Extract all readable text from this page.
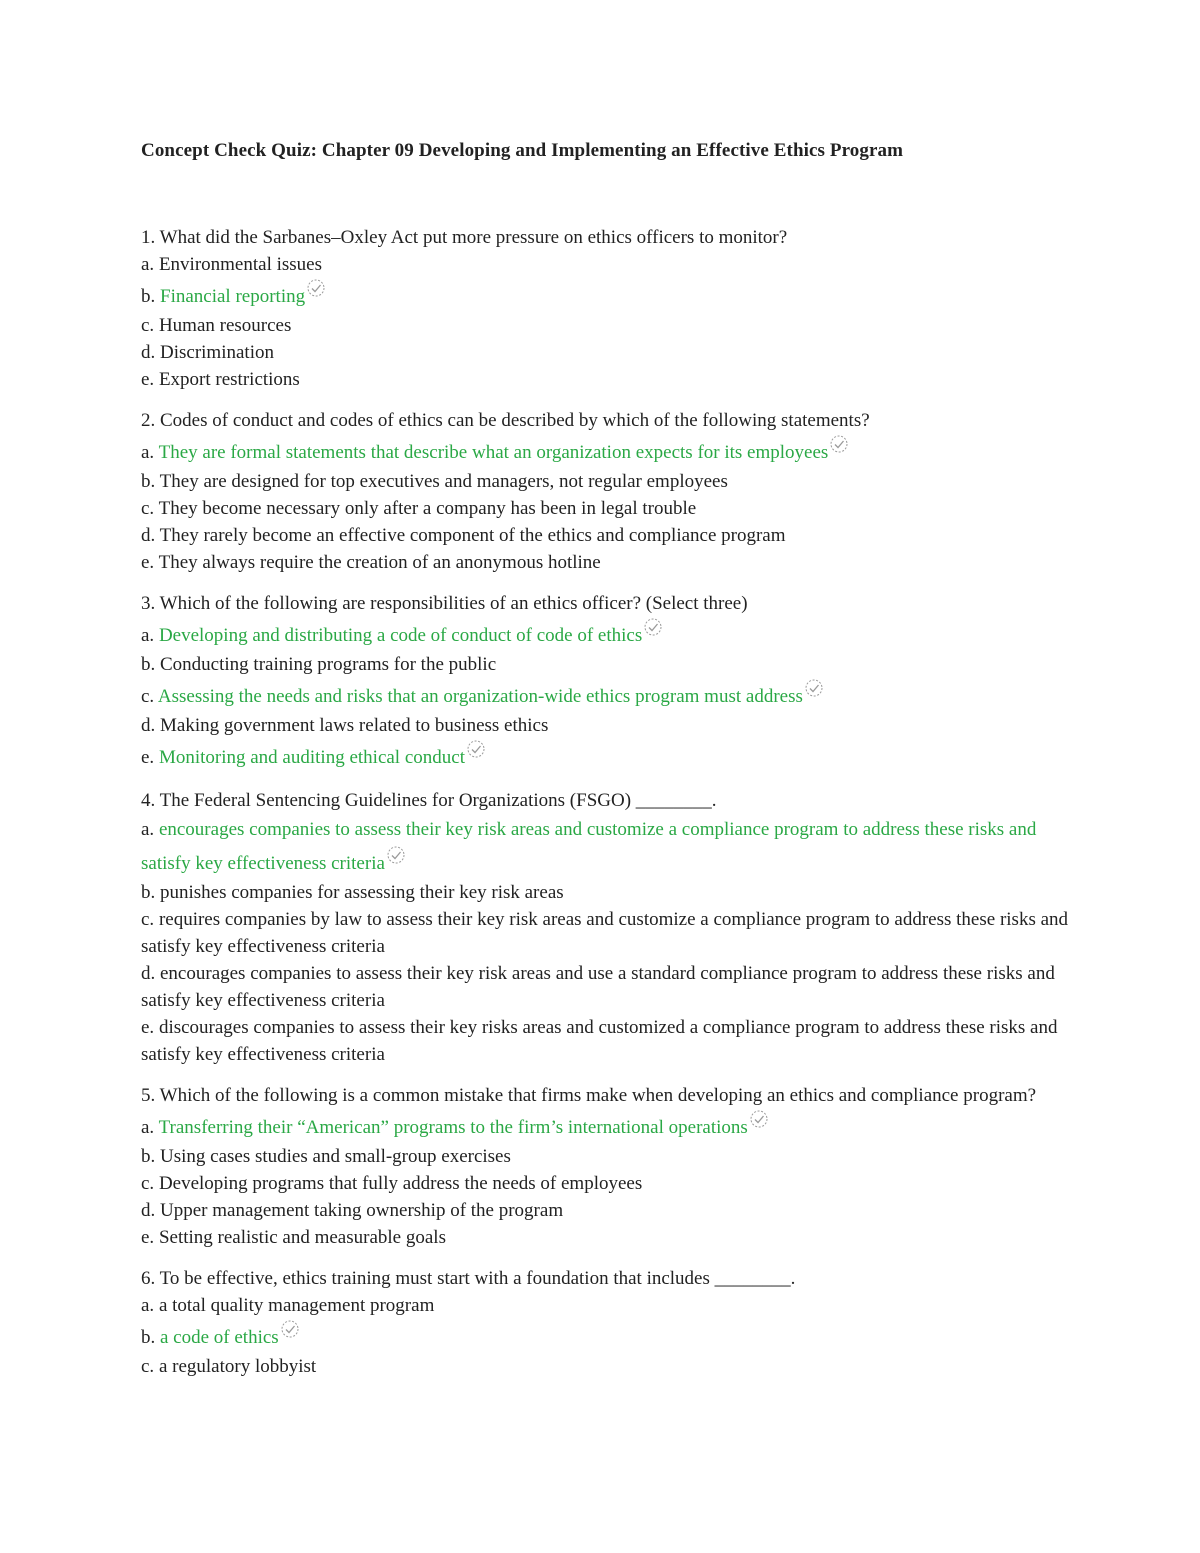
Concept Check Quiz: Chapter 09 Developing and Implementing an Effective Ethics Program
1. What did the Sarbanes–Oxley Act put more pressure on ethics officers to monitor?
a. Environmental issues
b. Financial reporting
c. Human resources
d. Discrimination
e. Export restrictions
2. Codes of conduct and codes of ethics can be described by which of the following statements?
a. They are formal statements that describe what an organization expects for its employees
b. They are designed for top executives and managers, not regular employees
c. They become necessary only after a company has been in legal trouble
d. They rarely become an effective component of the ethics and compliance program
e. They always require the creation of an anonymous hotline
3. Which of the following are responsibilities of an ethics officer? (Select three)
a. Developing and distributing a code of conduct of code of ethics
b. Conducting training programs for the public
c. Assessing the needs and risks that an organization-wide ethics program must address
d. Making government laws related to business ethics
e. Monitoring and auditing ethical conduct
4. The Federal Sentencing Guidelines for Organizations (FSGO) ________.
a. encourages companies to assess their key risk areas and customize a compliance program to address these risks and satisfy key effectiveness criteria
b. punishes companies for assessing their key risk areas
c. requires companies by law to assess their key risk areas and customize a compliance program to address these risks and satisfy key effectiveness criteria
d. encourages companies to assess their key risk areas and use a standard compliance program to address these risks and satisfy key effectiveness criteria
e. discourages companies to assess their key risks areas and customized a compliance program to address these risks and satisfy key effectiveness criteria
5. Which of the following is a common mistake that firms make when developing an ethics and compliance program?
a. Transferring their “American” programs to the firm’s international operations
b. Using cases studies and small-group exercises
c. Developing programs that fully address the needs of employees
d. Upper management taking ownership of the program
e. Setting realistic and measurable goals
6. To be effective, ethics training must start with a foundation that includes ________.
a. a total quality management program
b. a code of ethics
c. a regulatory lobbyist
